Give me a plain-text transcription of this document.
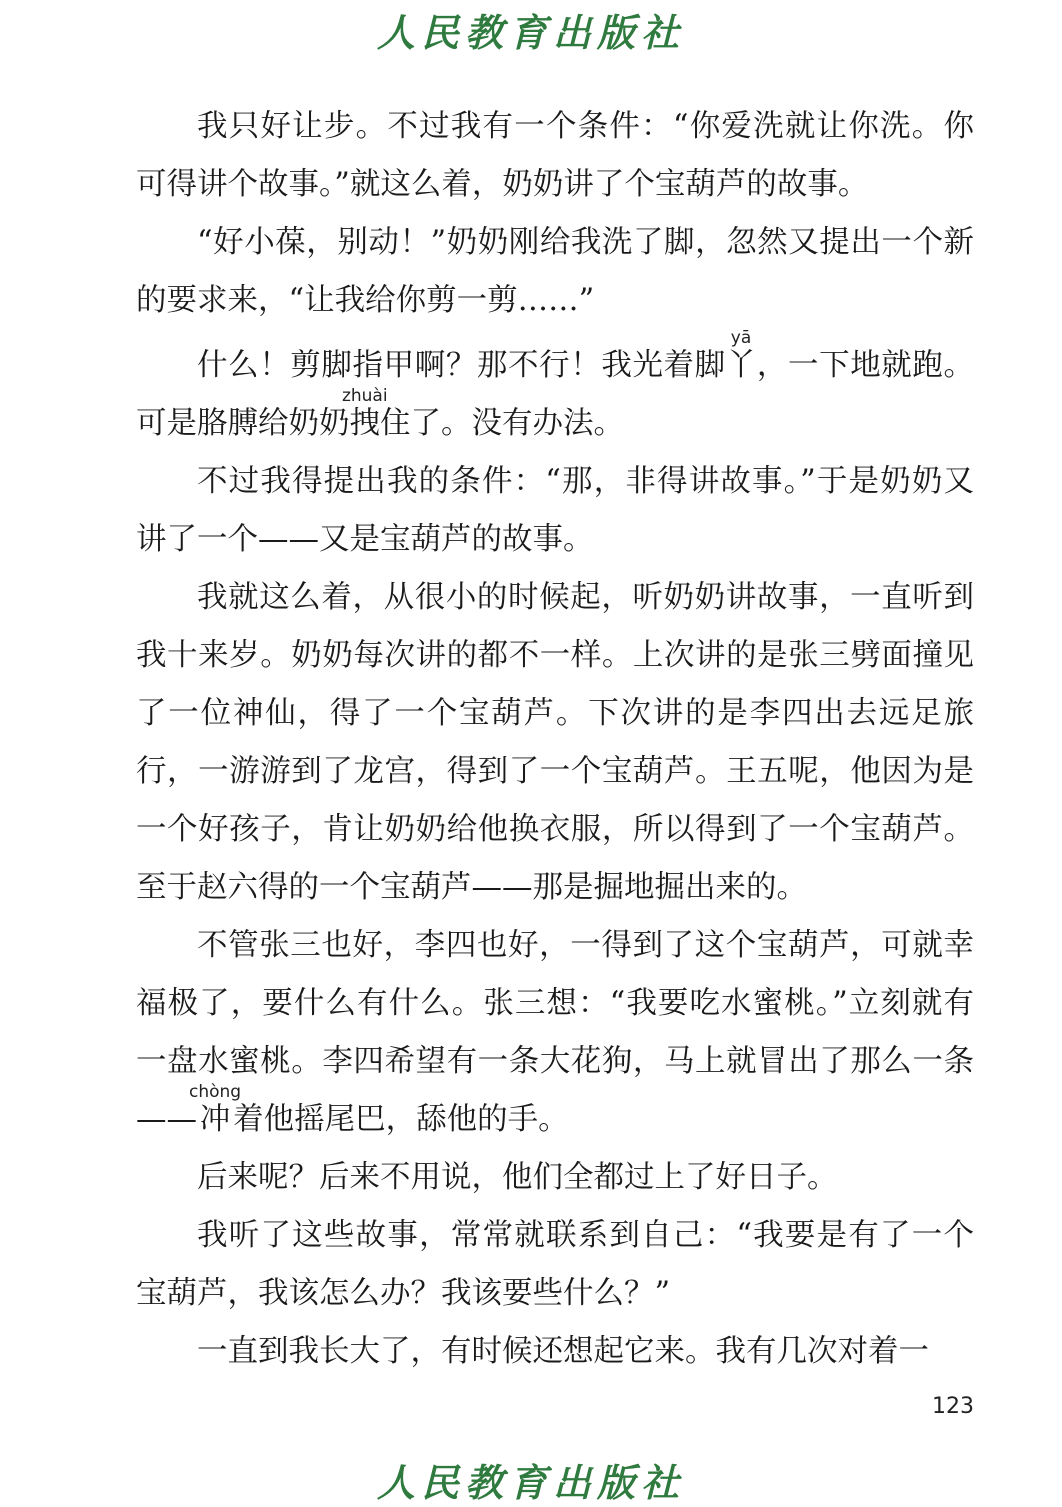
人民教育出版社

我只好让步。不过我有一个条件：“你爱洗就让你洗。你可得讲个故事。”就这么着，奶奶讲了个宝葫芦的故事。

“好小葆，别动！”奶奶刚给我洗了脚，忽然又提出一个新的要求来，“让我给你剪一剪……”

什么！剪脚指甲啊？那不行！我光着脚丫yā，一下地就跑。可是胳膊给奶奶拽zhuài住了。没有办法。

不过我得提出我的条件：“那，非得讲故事。”于是奶奶又讲了一个——又是宝葫芦的故事。

我就这么着，从很小的时候起，听奶奶讲故事，一直听到我十来岁。奶奶每次讲的都不一样。上次讲的是张三劈面撞见了一位神仙，得了一个宝葫芦。下次讲的是李四出去远足旅行，一游游到了龙宫，得到了一个宝葫芦。王五呢，他因为是一个好孩子，肯让奶奶给他换衣服，所以得到了一个宝葫芦。至于赵六得的一个宝葫芦——那是掘地掘出来的。

不管张三也好，李四也好，一得到了这个宝葫芦，可就幸福极了，要什么有什么。张三想：“我要吃水蜜桃。”立刻就有一盘水蜜桃。李四希望有一条大花狗，马上就冒出了那么一条——冲chòng着他摇尾巴，舔他的手。

后来呢？后来不用说，他们全都过上了好日子。

我听了这些故事，常常就联系到自己：“我要是有了一个宝葫芦，我该怎么办？我该要些什么？”

一直到我长大了，有时候还想起它来。我有几次对着一

123
人民教育出版社
